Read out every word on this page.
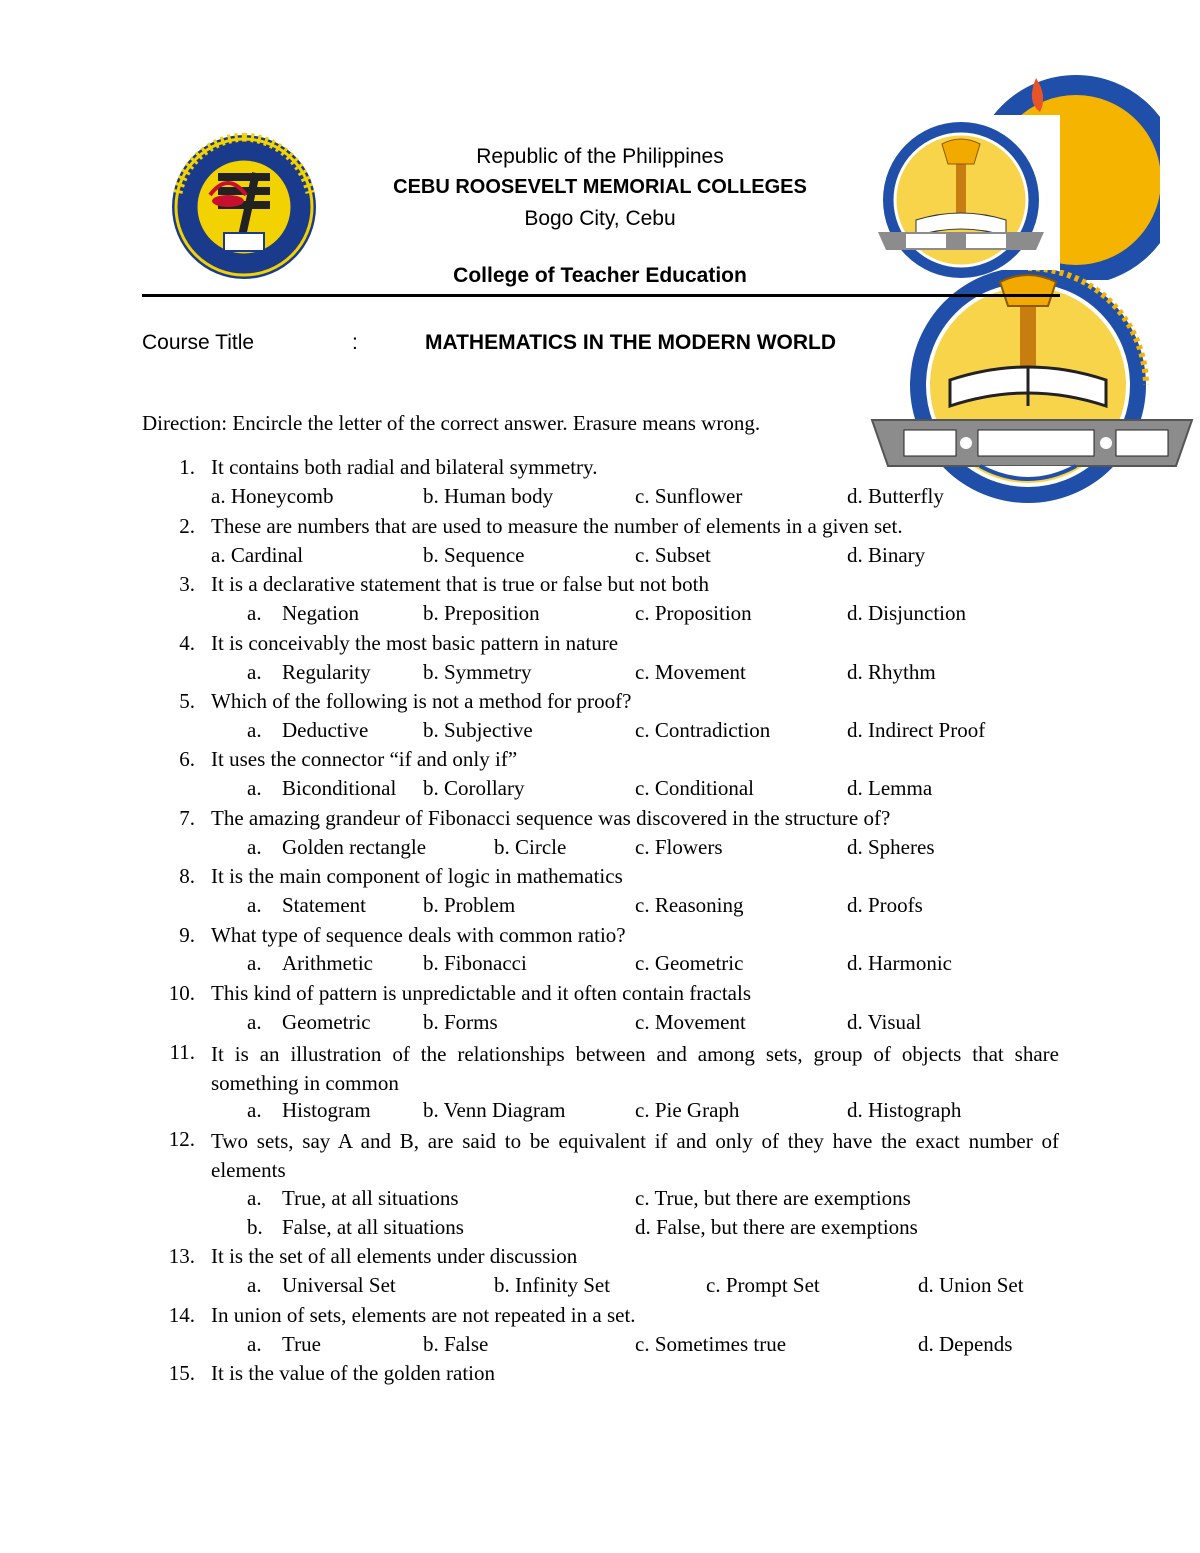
Republic of the Philippines
CEBU ROOSEVELT MEMORIAL COLLEGES
Bogo City, Cebu
College of Teacher Education
Course Title	:	MATHEMATICS IN THE MODERN WORLD
Direction: Encircle the letter of the correct answer. Erasure means wrong.
1. It contains both radial and bilateral symmetry.
a. Honeycomb	b. Human body	c. Sunflower	d. Butterfly
2. These are numbers that are used to measure the number of elements in a given set.
a. Cardinal	b. Sequence	c. Subset	d. Binary
3. It is a declarative statement that is true or false but not both
a. Negation	b. Preposition	c. Proposition	d. Disjunction
4. It is conceivably the most basic pattern in nature
a. Regularity b. Symmetry	c. Movement	d. Rhythm
5. Which of the following is not a method for proof?
a. Deductive	b. Subjective	c. Contradiction	d. Indirect Proof
6. It uses the connector “if and only if”
a. Biconditional b. Corollary	c. Conditional	d. Lemma
7. The amazing grandeur of Fibonacci sequence was discovered in the structure of?
a. Golden rectangle	b. Circle	c. Flowers	d. Spheres
8. It is the main component of logic in mathematics
a. Statement	b. Problem	c. Reasoning	d. Proofs
9. What type of sequence deals with common ratio?
a. Arithmetic b. Fibonacci	c. Geometric	d. Harmonic
10. This kind of pattern is unpredictable and it often contain fractals
a. Geometric b. Forms	c. Movement	d. Visual
11. It is an illustration of the relationships between and among sets, group of objects that share something in common
a. Histogram b. Venn Diagram	c. Pie Graph	d. Histograph
12. Two sets, say A and B, are said to be equivalent if and only of they have the exact number of elements
a. True, at all situations	c. True, but there are exemptions
b. False, at all situations	d. False, but there are exemptions
13. It is the set of all elements under discussion
a. Universal Set	b. Infinity Set	c. Prompt Set	d. Union Set
14. In union of sets, elements are not repeated in a set.
a. True	b. False	c. Sometimes true	d. Depends
15. It is the value of the golden ration
